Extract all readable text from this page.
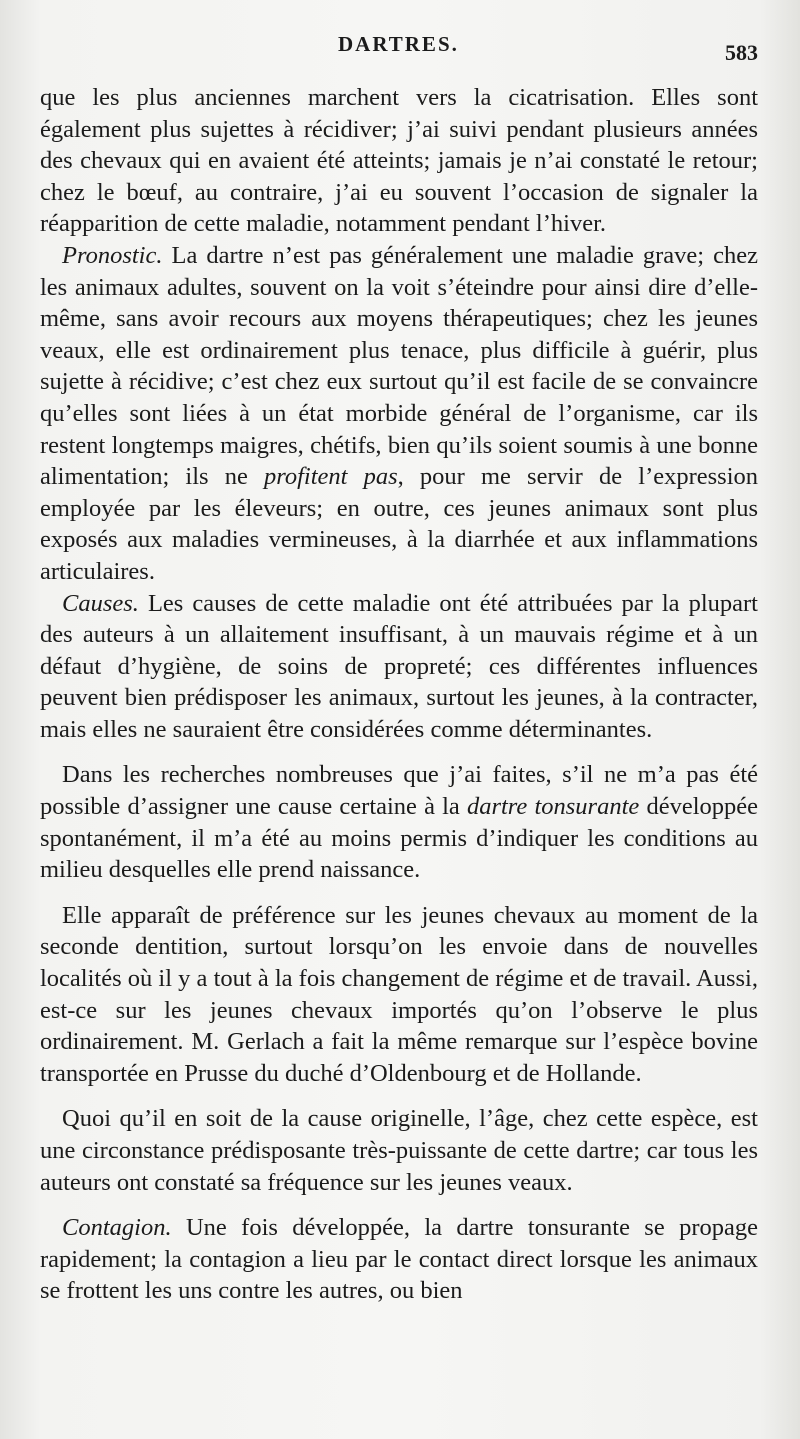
DARTRES.	583

que les plus anciennes marchent vers la cicatrisation. Elles sont également plus sujettes à récidiver; j’ai suivi pendant plusieurs années des chevaux qui en avaient été atteints; jamais je n’ai constaté le retour; chez le bœuf, au contraire, j’ai eu souvent l’occasion de signaler la réapparition de cette maladie, notamment pendant l’hiver.

Pronostic. La dartre n’est pas généralement une maladie grave; chez les animaux adultes, souvent on la voit s’éteindre pour ainsi dire d’elle-même, sans avoir recours aux moyens thérapeutiques; chez les jeunes veaux, elle est ordinairement plus tenace, plus difficile à guérir, plus sujette à récidive; c’est chez eux surtout qu’il est facile de se convaincre qu’elles sont liées à un état morbide général de l’organisme, car ils restent longtemps maigres, chétifs, bien qu’ils soient soumis à une bonne alimentation; ils ne profitent pas, pour me servir de l’expression employée par les éleveurs; en outre, ces jeunes animaux sont plus exposés aux maladies vermineuses, à la diarrhée et aux inflammations articulaires.

Causes. Les causes de cette maladie ont été attribuées par la plupart des auteurs à un allaitement insuffisant, à un mauvais régime et à un défaut d’hygiène, de soins de propreté; ces différentes influences peuvent bien prédisposer les animaux, surtout les jeunes, à la contracter, mais elles ne sauraient être considérées comme déterminantes.

Dans les recherches nombreuses que j’ai faites, s’il ne m’a pas été possible d’assigner une cause certaine à la dartre tonsurante développée spontanément, il m’a été au moins permis d’indiquer les conditions au milieu desquelles elle prend naissance.

Elle apparaît de préférence sur les jeunes chevaux au moment de la seconde dentition, surtout lorsqu’on les envoie dans de nouvelles localités où il y a tout à la fois changement de régime et de travail. Aussi, est-ce sur les jeunes chevaux importés qu’on l’observe le plus ordinairement. M. Gerlach a fait la même remarque sur l’espèce bovine transportée en Prusse du duché d’Oldenbourg et de Hollande.

Quoi qu’il en soit de la cause originelle, l’âge, chez cette espèce, est une circonstance prédisposante très-puissante de cette dartre; car tous les auteurs ont constaté sa fréquence sur les jeunes veaux.

Contagion. Une fois développée, la dartre tonsurante se propage rapidement; la contagion a lieu par le contact direct lorsque les animaux se frottent les uns contre les autres, ou bien
